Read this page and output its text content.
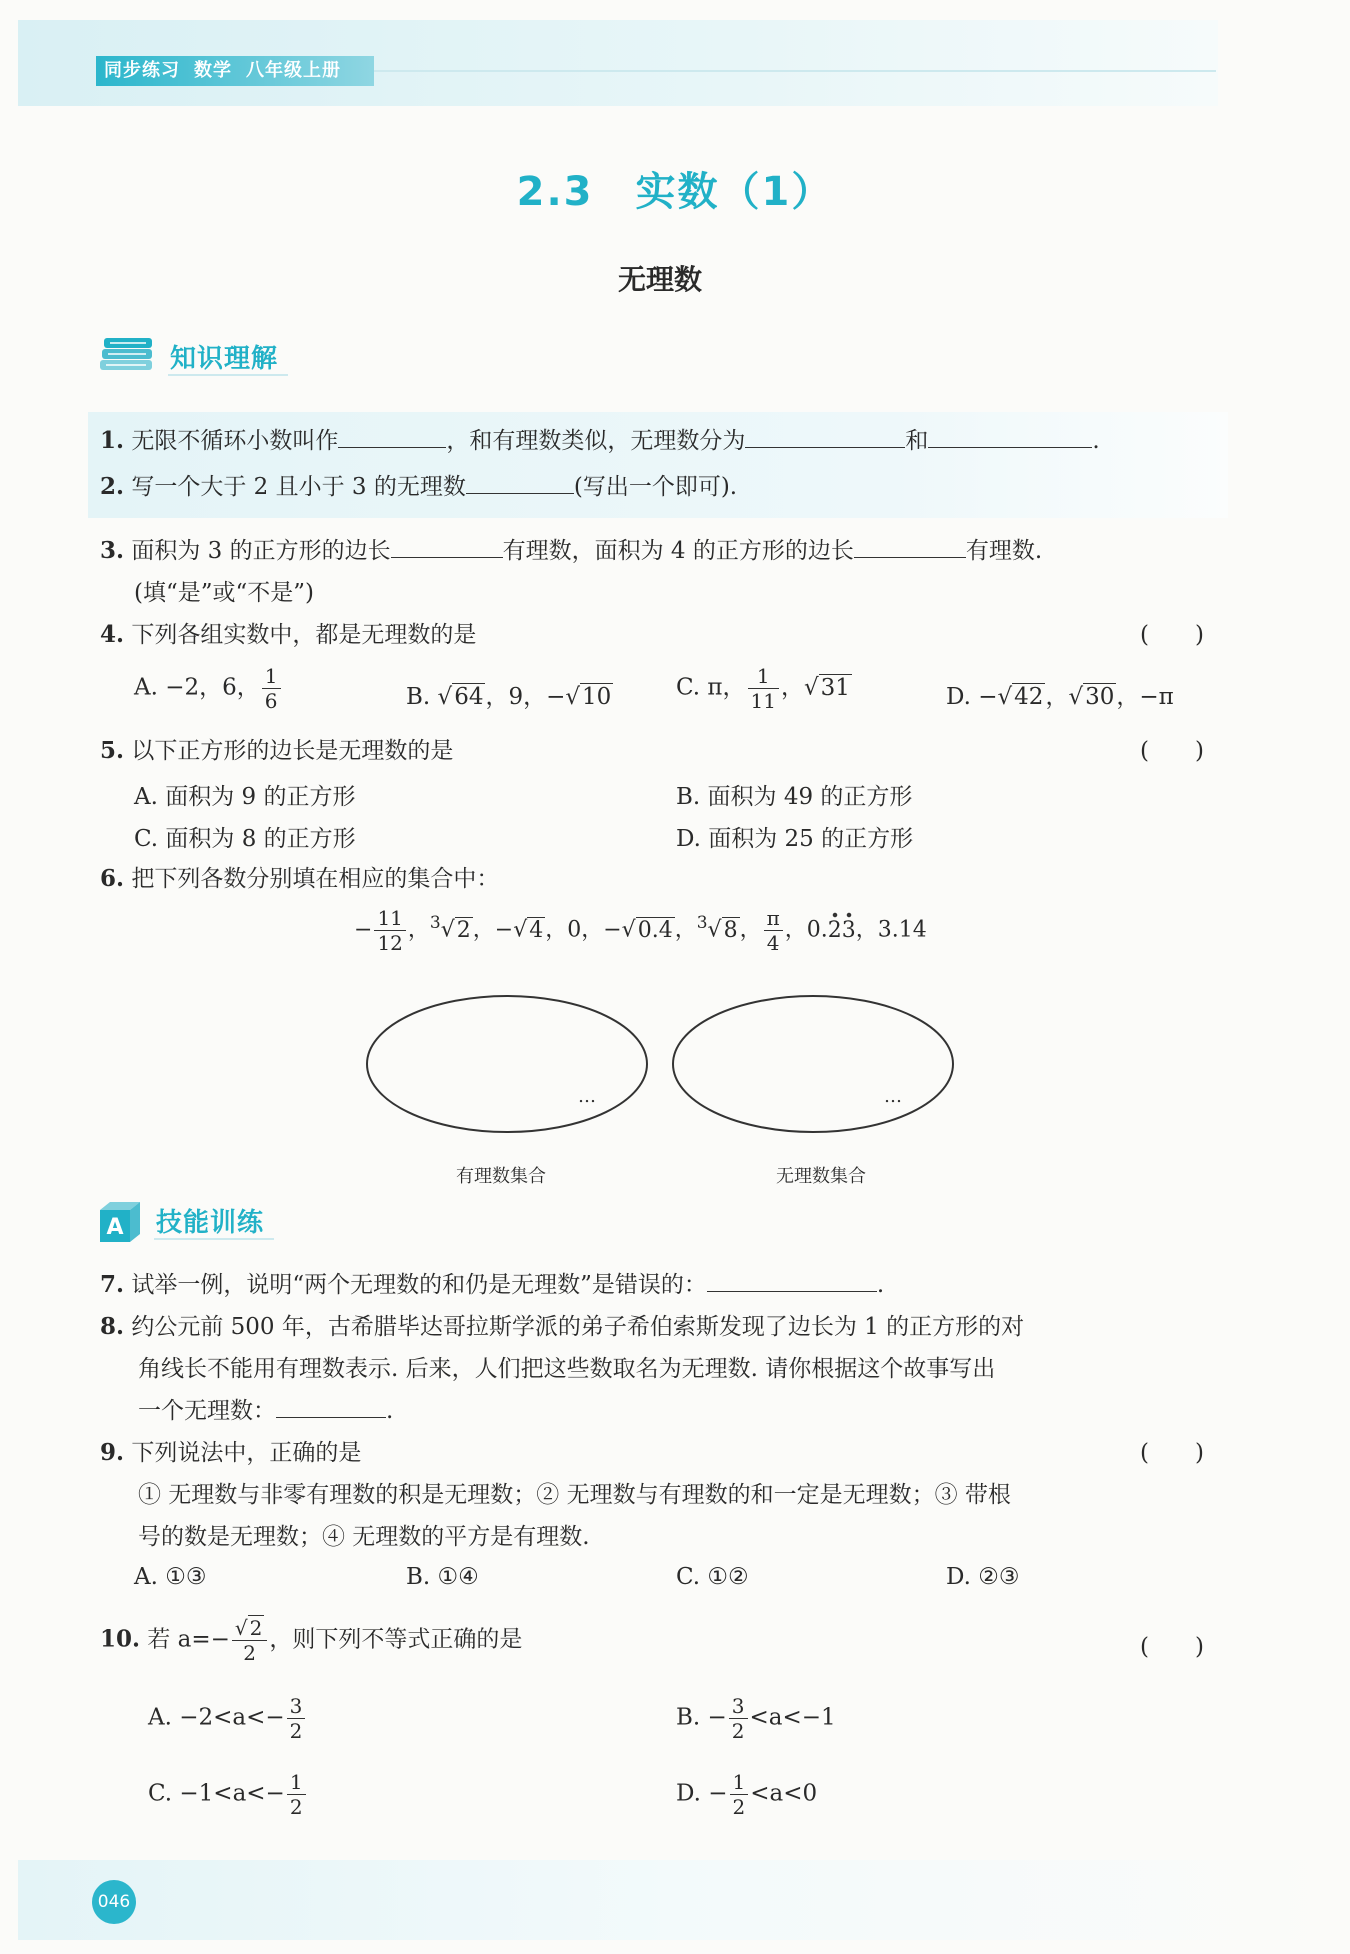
同步练习 数学 八年级上册
2.3　实数（1）
无理数
知识理解
1. 无限不循环小数叫作	，和有理数类似，无理数分为	和	.
2. 写一个大于 2 且小于 3 的无理数	(写出一个即可).
3. 面积为 3 的正方形的边长	有理数，面积为 4 的正方形的边长	有理数.
(填“是”或“不是”)
4. 下列各组实数中，都是无理数的是	(　　)
A. −2，6， $\frac{1}{6}$	B. √64，9，−√10	C. π， $\frac{1}{11}$ ，√31	D. −√42，√30，−π
5. 以下正方形的边长是无理数的是	(　　)
A. 面积为 9 的正方形	B. 面积为 49 的正方形
C. 面积为 8 的正方形	D. 面积为 25 的正方形
6. 把下列各数分别填在相应的集合中：
− $\frac{11}{12}$ ，$^3$√2，−√4，0，−√0.4，$^3$√8， $\frac{\pi}{4}$ ，0.23，3.14
…	…
有理数集合	无理数集合
A 技能训练
7. 试举一例，说明“两个无理数的和仍是无理数”是错误的：	.
8. 约公元前 500 年，古希腊毕达哥拉斯学派的弟子希伯索斯发现了边长为 1 的正方形的对
角线长不能用有理数表示. 后来，人们把这些数取名为无理数. 请你根据这个故事写出
一个无理数：	.
9. 下列说法中，正确的是	(　　)
① 无理数与非零有理数的积是无理数；② 无理数与有理数的和一定是无理数；③ 带根
号的数是无理数；④ 无理数的平方是有理数.
A. ①③	B. ①④	C. ①②	D. ②③
10. 若 $a=- \frac{√ 2}{2}$ ，则下列不等式正确的是	(　　)
A. $-2<a<- \frac{3}{2}$	B. − $\frac{3}{2} <a<-1$
C. $-1<a<- \frac{1}{2}$	D. − $\frac{1}{2} <a<0$
046
